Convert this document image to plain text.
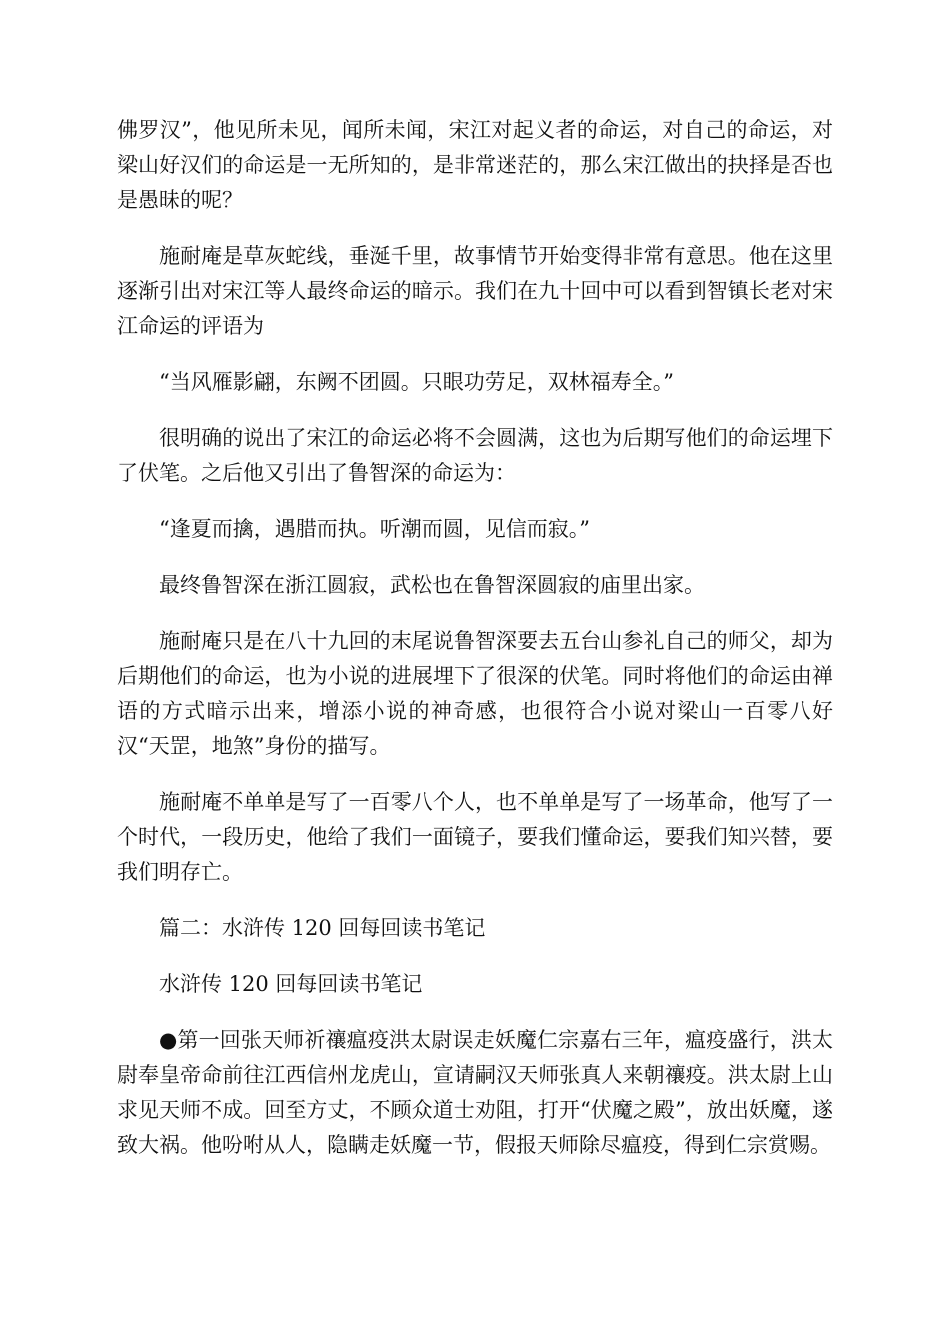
佛罗汉”，他见所未见，闻所未闻，宋江对起义者的命运，对自己的命运，对梁山好汉们的命运是一无所知的，是非常迷茫的，那么宋江做出的抉择是否也是愚昧的呢？

施耐庵是草灰蛇线，垂涎千里，故事情节开始变得非常有意思。他在这里逐渐引出对宋江等人最终命运的暗示。我们在九十回中可以看到智镇长老对宋江命运的评语为

“当风雁影翩，东阙不团圆。只眼功劳足，双林福寿全。”

很明确的说出了宋江的命运必将不会圆满，这也为后期写他们的命运埋下了伏笔。之后他又引出了鲁智深的命运为：

“逢夏而擒，遇腊而执。听潮而圆，见信而寂。”

最终鲁智深在浙江圆寂，武松也在鲁智深圆寂的庙里出家。

施耐庵只是在八十九回的末尾说鲁智深要去五台山参礼自己的师父，却为后期他们的命运，也为小说的进展埋下了很深的伏笔。同时将他们的命运由禅语的方式暗示出来，增添小说的神奇感，也很符合小说对梁山一百零八好汉“天罡，地煞”身份的描写。

施耐庵不单单是写了一百零八个人，也不单单是写了一场革命，他写了一个时代，一段历史，他给了我们一面镜子，要我们懂命运，要我们知兴替，要我们明存亡。

篇二：水浒传 120 回每回读书笔记

水浒传 120 回每回读书笔记

●第一回张天师祈禳瘟疫洪太尉误走妖魔仁宗嘉右三年，瘟疫盛行，洪太尉奉皇帝命前往江西信州龙虎山，宣请嗣汉天师张真人来朝禳疫。洪太尉上山求见天师不成。回至方丈，不顾众道士劝阻，打开“伏魔之殿”，放出妖魔，遂致大祸。他吩咐从人，隐瞒走妖魔一节，假报天师除尽瘟疫，得到仁宗赏赐。
